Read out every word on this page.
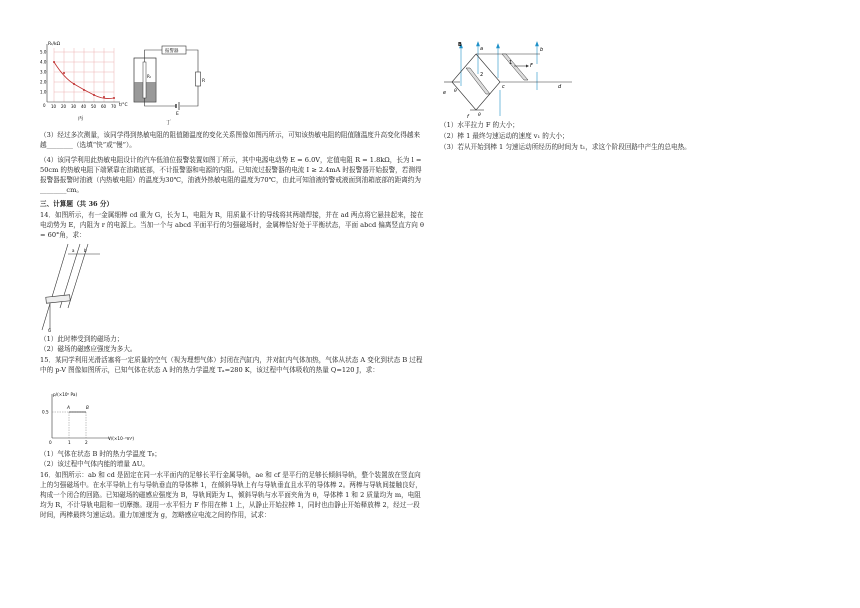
Rₜ/kΩ
5.0
4.0
3.0
2.0
1.0
0 10 20 30 40 50 60 70 t/°C
丙
Rₜ
报警器
R
E
丁
（3）经过多次测量，该同学得到热敏电阻的阻值随温度的变化关系图像如图丙所示，可知该热敏电阻的阻值随温度升高变化得越来越________（选填“快”或“慢”）。
（4）该同学利用此热敏电阻设计的汽车低油位报警装置如图丁所示，其中电源电动势 E = 6.0V，定值电阻 R = 1.8kΩ，长为 l = 50cm 的热敏电阻下端紧靠在油箱底部，不计报警器和电源的内阻。已知流过报警器的电流 I ≥ 2.4mA 时报警器开始报警，若测得报警器报警时油液（内热敏电阻）的温度为30℃，油液外热敏电阻的温度为70℃，由此可知油液的警戒液面到油箱底部的距离约为________cm。
三、计算题（共 36 分）
14．如图所示，有一金属细棒 cd 重为 G，长为 L，电阻为 R，用质量不计的导线将其两端焊接，并在 ad 两点将它悬挂起来，接在电动势为 E，内阻为 r 的电源上。当加一个与 abcd 平面平行的匀强磁场时，金属棒恰好处于平衡状态，平面 abcd 偏离竖直方向 θ = 60°角，求：
a b
G
（1）此时棒受到的磁场力；
（2）磁场的磁感应强度为多大。
15．某同学利用光滑活塞将一定质量的空气（视为理想气体）封闭在汽缸内，并对缸内气体加热，气体从状态 A 变化到状态 B 过程中的 p-V 图像如图所示，已知气体在状态 A 时的热力学温度 Tₐ=280 K，该过程中气体吸收的热量 Q=120 J，求：
p/(×10⁵ Pa)
0.5
0	1	2
V/(×10⁻³m³)
A	B
（1）气体在状态 B 时的热力学温度 Tᵦ；
（2）该过程中气体内能的增量 ΔU。
16．如图所示：ab 和 cd 是固定在同一水平面内的足够长平行金属导轨，ae 和 cf 是平行的足够长倾斜导轨，整个装置放在竖直向上的匀强磁场中。在水平导轨上有与导轨垂直的导体棒 1，在倾斜导轨上有与导轨垂直且水平的导体棒 2。两棒与导轨间接触良好，构成一个闭合的回路。已知磁场的磁感应强度为 B，导轨间距为 L，倾斜导轨与水平面夹角为 θ，导体棒 1 和 2 质量均为 m，电阻均为 R，不计导轨电阻和一切摩擦。现用一水平恒力 F 作用在棒 1 上，从静止开始拉棒 1，同时也由静止开始释放棒 2，经过一段时间，两棒最终匀速运动。重力加速度为 g，忽略感应电流之间的作用，试求：
B
a	b
c	d
e
f
1
2
F
θ
θ
（1）水平拉力 F 的大小；
（2）棒 1 最终匀速运动的速度 v₁ 的大小；
（3）若从开始到棒 1 匀速运动所经历的时间为 t₁，求这个阶段回路中产生的总电热。
